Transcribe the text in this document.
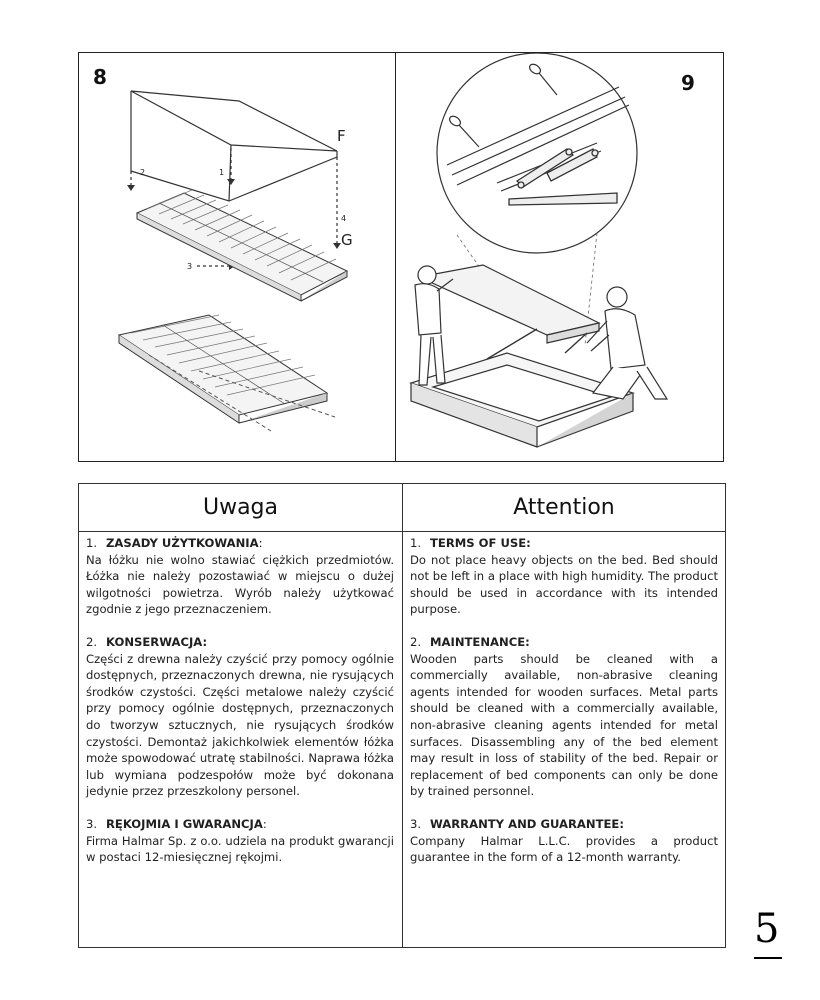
8	9
2	1
4
3
F
G
Uwaga	Attention

1. ZASADY UŻYTKOWANIA:

Na łóżku nie wolno stawiać ciężkich przedmiotów. Łóżka nie należy pozostawiać w miejscu o dużej wilgotności powietrza. Wyrób należy użytkować zgodnie z jego przeznaczeniem.

2. KONSERWACJA:

Części z drewna należy czyścić przy pomocy ogólnie dostępnych, przeznaczonych drewna, nie rysujących środków czystości. Części metalowe należy czyścić przy pomocy ogólnie dostępnych, przeznaczonych do tworzyw sztucznych, nie rysujących środków czystości. Demontaż jakichkolwiek elementów łóżka może spowodować utratę stabilności. Naprawa łóżka lub wymiana podzespołów może być dokonana jedynie przez przeszkolony personel.

3. RĘKOJMIA I GWARANCJA:

Firma Halmar Sp. z o.o. udziela na produkt gwarancji w postaci 12-miesięcznej rękojmi.

1. TERMS OF USE:

Do not place heavy objects on the bed. Bed should not be left in a place with high humidity. The product should be used in accordance with its intended purpose.

2. MAINTENANCE:

Wooden parts should be cleaned with a commercially available, non-abrasive cleaning agents intended for wooden surfaces. Metal parts should be cleaned with a commercially available, non-abrasive cleaning agents intended for metal surfaces. Disassembling any of the bed element may result in loss of stability of the bed. Repair or replacement of bed components can only be done by trained personnel.

3. WARRANTY AND GUARANTEE:

Company Halmar L.L.C. provides a product guarantee in the form of a 12-month warranty.

5
